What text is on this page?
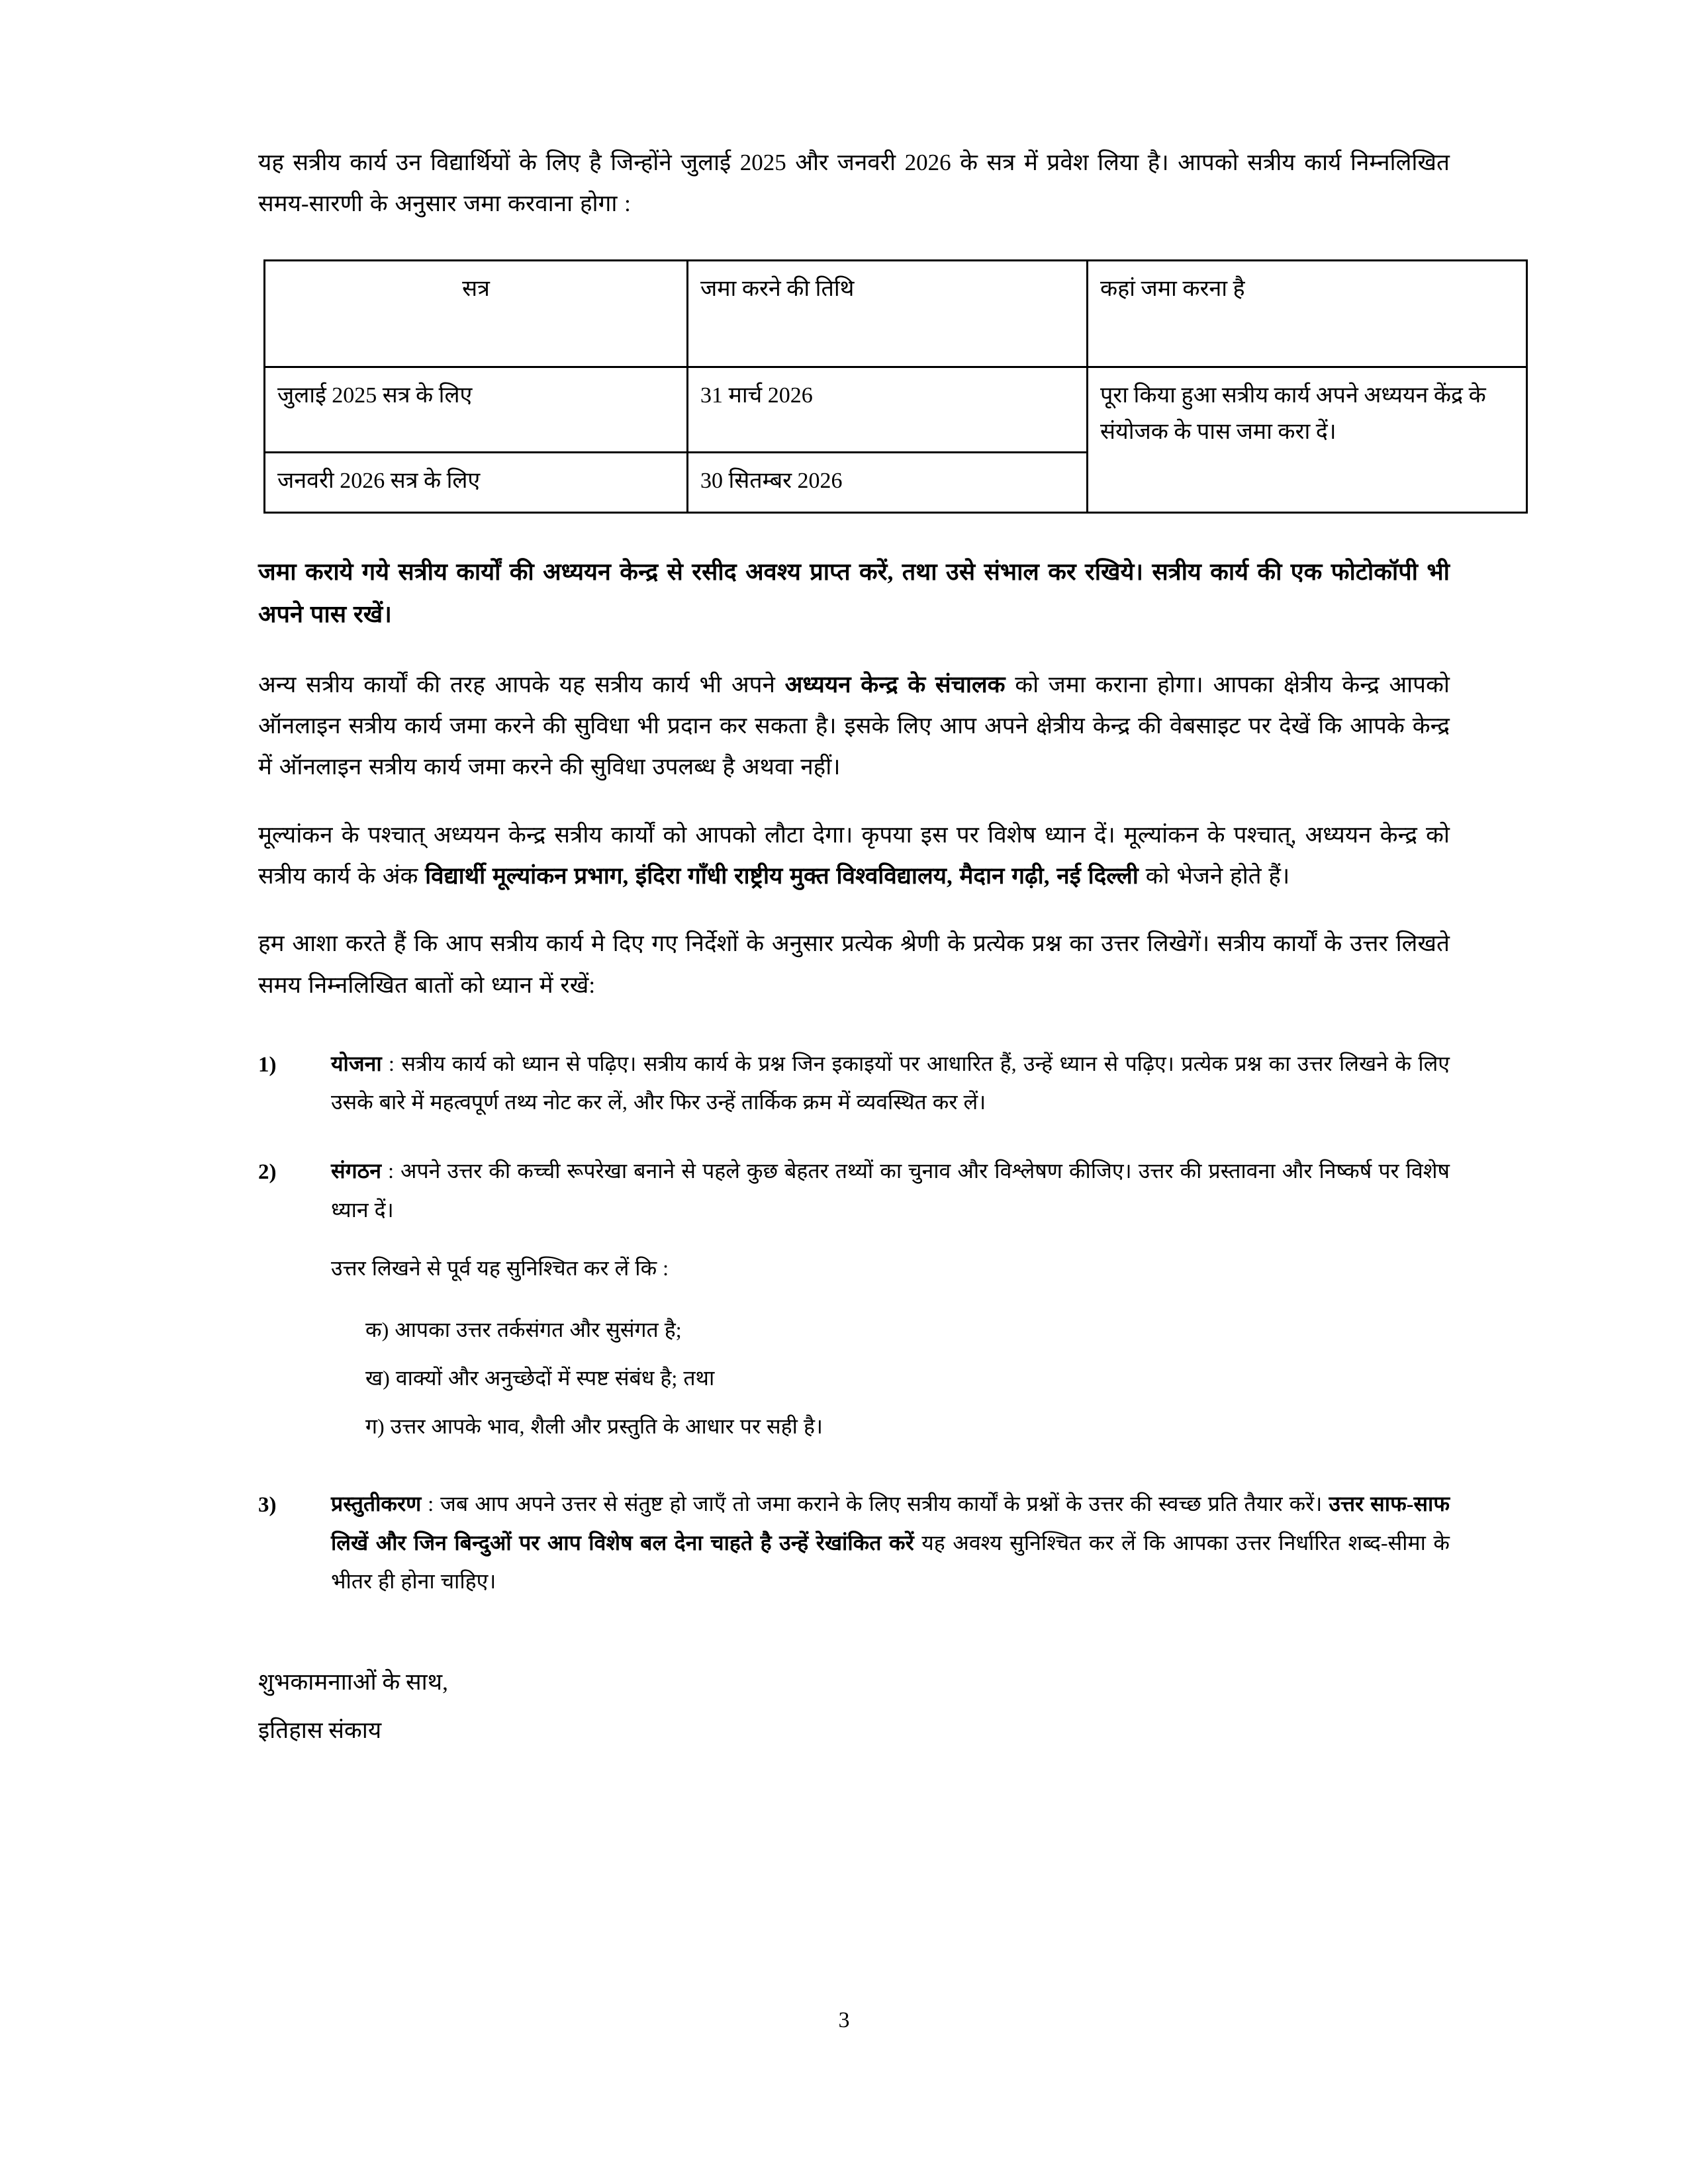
यह सत्रीय कार्य उन विद्यार्थियों के लिए है जिन्होंने जुलाई 2025 और जनवरी 2026 के सत्र में प्रवेश लिया है। आपको सत्रीय कार्य निम्नलिखित समय-सारणी के अनुसार जमा करवाना होगा :

सत्र	जमा करने की तिथि	कहां जमा करना है
जुलाई 2025 सत्र के लिए	31 मार्च 2026	पूरा किया हुआ सत्रीय कार्य अपने अध्ययन केंद्र के संयोजक के पास जमा करा दें।
जनवरी 2026 सत्र के लिए	30 सितम्बर 2026	

जमा कराये गये सत्रीय कार्यों की अध्ययन केन्द्र से रसीद अवश्य प्राप्त करें, तथा उसे संभाल कर रखिये। सत्रीय कार्य की एक फोटोकॉपी भी अपने पास रखें।

अन्य सत्रीय कार्यों की तरह आपके यह सत्रीय कार्य भी अपने अध्ययन केन्द्र के संचालक को जमा कराना होगा। आपका क्षेत्रीय केन्द्र आपको ऑनलाइन सत्रीय कार्य जमा करने की सुविधा भी प्रदान कर सकता है। इसके लिए आप अपने क्षेत्रीय केन्द्र की वेबसाइट पर देखें कि आपके केन्द्र में ऑनलाइन सत्रीय कार्य जमा करने की सुविधा उपलब्ध है अथवा नहीं।

मूल्यांकन के पश्चात् अध्ययन केन्द्र सत्रीय कार्यों को आपको लौटा देगा। कृपया इस पर विशेष ध्यान दें। मूल्यांकन के पश्चात्, अध्ययन केन्द्र को सत्रीय कार्य के अंक विद्यार्थी मूल्यांकन प्रभाग, इंदिरा गाँधी राष्ट्रीय मुक्त विश्वविद्यालय, मैदान गढ़ी, नई दिल्ली को भेजने होते हैं।

हम आशा करते हैं कि आप सत्रीय कार्य मे दिए गए निर्देशों के अनुसार प्रत्येक श्रेणी के प्रत्येक प्रश्न का उत्तर लिखेगें। सत्रीय कार्यों के उत्तर लिखते समय निम्नलिखित बातों को ध्यान में रखें:

1)	योजना : सत्रीय कार्य को ध्यान से पढ़िए। सत्रीय कार्य के प्रश्न जिन इकाइयों पर आधारित हैं, उन्हें ध्यान से पढ़िए। प्रत्येक प्रश्न का उत्तर लिखने के लिए उसके बारे में महत्वपूर्ण तथ्य नोट कर लें, और फिर उन्हें तार्किक क्रम में व्यवस्थित कर लें।
2)	संगठन : अपने उत्तर की कच्ची रूपरेखा बनाने से पहले कुछ बेहतर तथ्यों का चुनाव और विश्लेषण कीजिए। उत्तर की प्रस्तावना और निष्कर्ष पर विशेष ध्यान दें।
उत्तर लिखने से पूर्व यह सुनिश्चित कर लें कि :
क) आपका उत्तर तर्कसंगत और सुसंगत है;
ख) वाक्यों और अनुच्छेदों में स्पष्ट संबंध है; तथा
ग) उत्तर आपके भाव, शैली और प्रस्तुति के आधार पर सही है।
3)	प्रस्तुतीकरण : जब आप अपने उत्तर से संतुष्ट हो जाएँ तो जमा कराने के लिए सत्रीय कार्यों के प्रश्नों के उत्तर की स्वच्छ प्रति तैयार करें। उत्तर साफ-साफ लिखें और जिन बिन्दुओं पर आप विशेष बल देना चाहते है उन्हें रेखांकित करें यह अवश्य सुनिश्चित कर लें कि आपका उत्तर निर्धारित शब्द-सीमा के भीतर ही होना चाहिए।

शुभकामनााओं के साथ,

इतिहास संकाय

3
